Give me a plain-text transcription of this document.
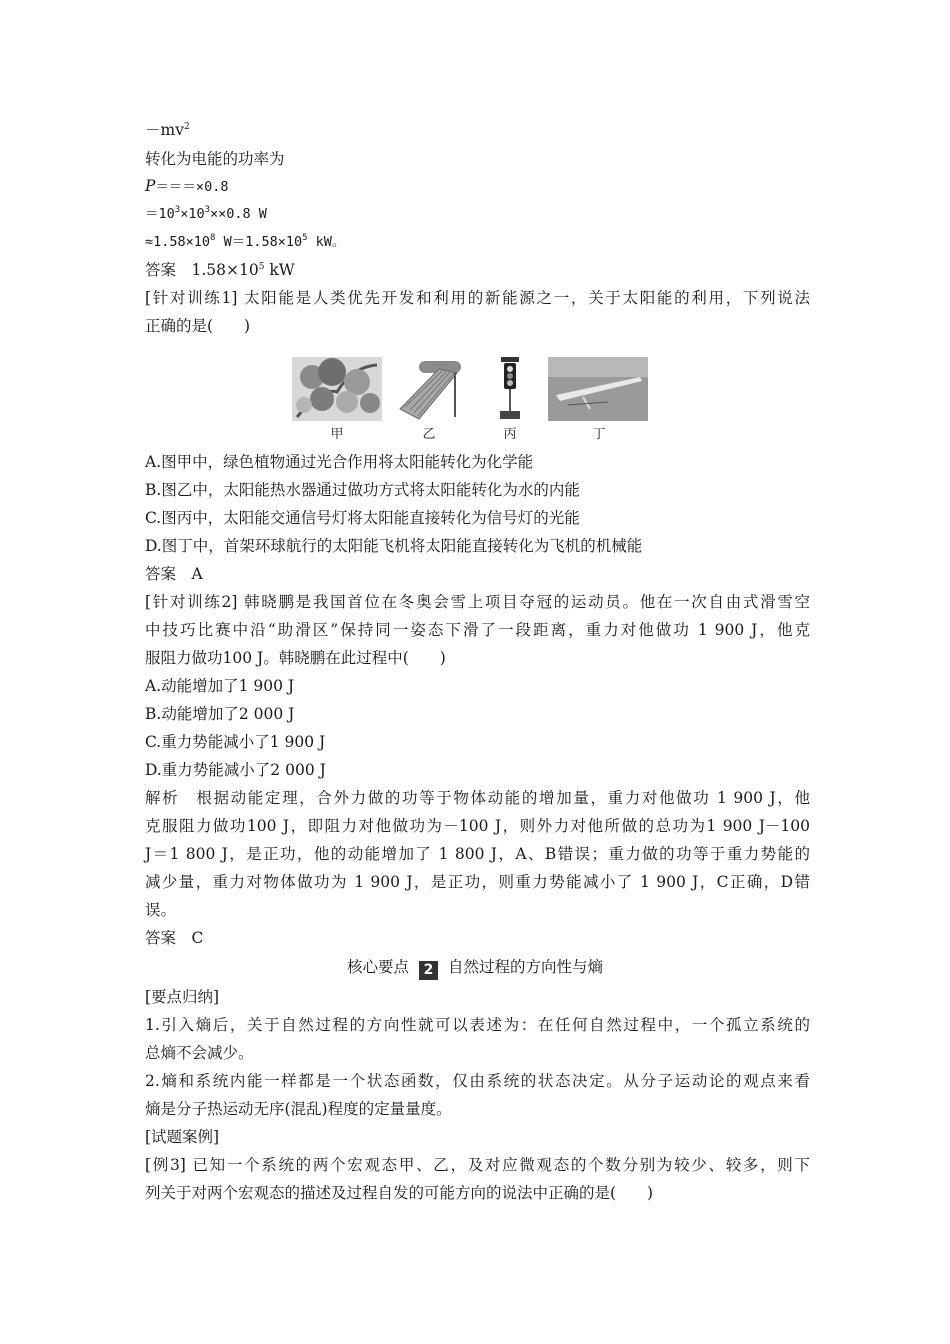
$-mv^2$
转化为电能的功率为
P＝＝＝×0.8
$=10^3\times 10^3\times\times 0.8$ W
$\approx 1.58\times 10^8$ $W=1.58\times 10^5$ kW。
答案　$1.58\times 10^5$ kW
[针对训练1] 太阳能是人类优先开发和利用的新能源之一，关于太阳能的利用，下列说法
正确的是(　　)
甲	乙	丙	丁
A.图甲中，绿色植物通过光合作用将太阳能转化为化学能
B.图乙中，太阳能热水器通过做功方式将太阳能转化为水的内能
C.图丙中，太阳能交通信号灯将太阳能直接转化为信号灯的光能
D.图丁中，首架环球航行的太阳能飞机将太阳能直接转化为飞机的机械能
答案　A
[针对训练2] 韩晓鹏是我国首位在冬奥会雪上项目夺冠的运动员。他在一次自由式滑雪空
中技巧比赛中沿“助滑区”保持同一姿态下滑了一段距离，重力对他做功 1 900 J，他克
服阻力做功100 J。韩晓鹏在此过程中(　　)
A.动能增加了1 900 J
B.动能增加了2 000 J
C.重力势能减小了1 900 J
D.重力势能减小了2 000 J
解析　根据动能定理，合外力做的功等于物体动能的增加量，重力对他做功 1 900 J，他
克服阻力做功100 J，即阻力对他做功为－100 J，则外力对他所做的总功为1 900 J－100
J＝1 800 J，是正功，他的动能增加了 1 800 J，A、B错误；重力做的功等于重力势能的
减少量，重力对物体做功为 1 900 J，是正功，则重力势能减小了 1 900 J，C正确，D错
误。
答案　C
核心要点 2 自然过程的方向性与熵
[要点归纳]
1.引入熵后，关于自然过程的方向性就可以表述为：在任何自然过程中，一个孤立系统的
总熵不会减少。
2.熵和系统内能一样都是一个状态函数，仅由系统的状态决定。从分子运动论的观点来看
熵是分子热运动无序(混乱)程度的定量量度。
[试题案例]
[例3] 已知一个系统的两个宏观态甲、乙，及对应微观态的个数分别为较少、较多，则下
列关于对两个宏观态的描述及过程自发的可能方向的说法中正确的是(　　)
